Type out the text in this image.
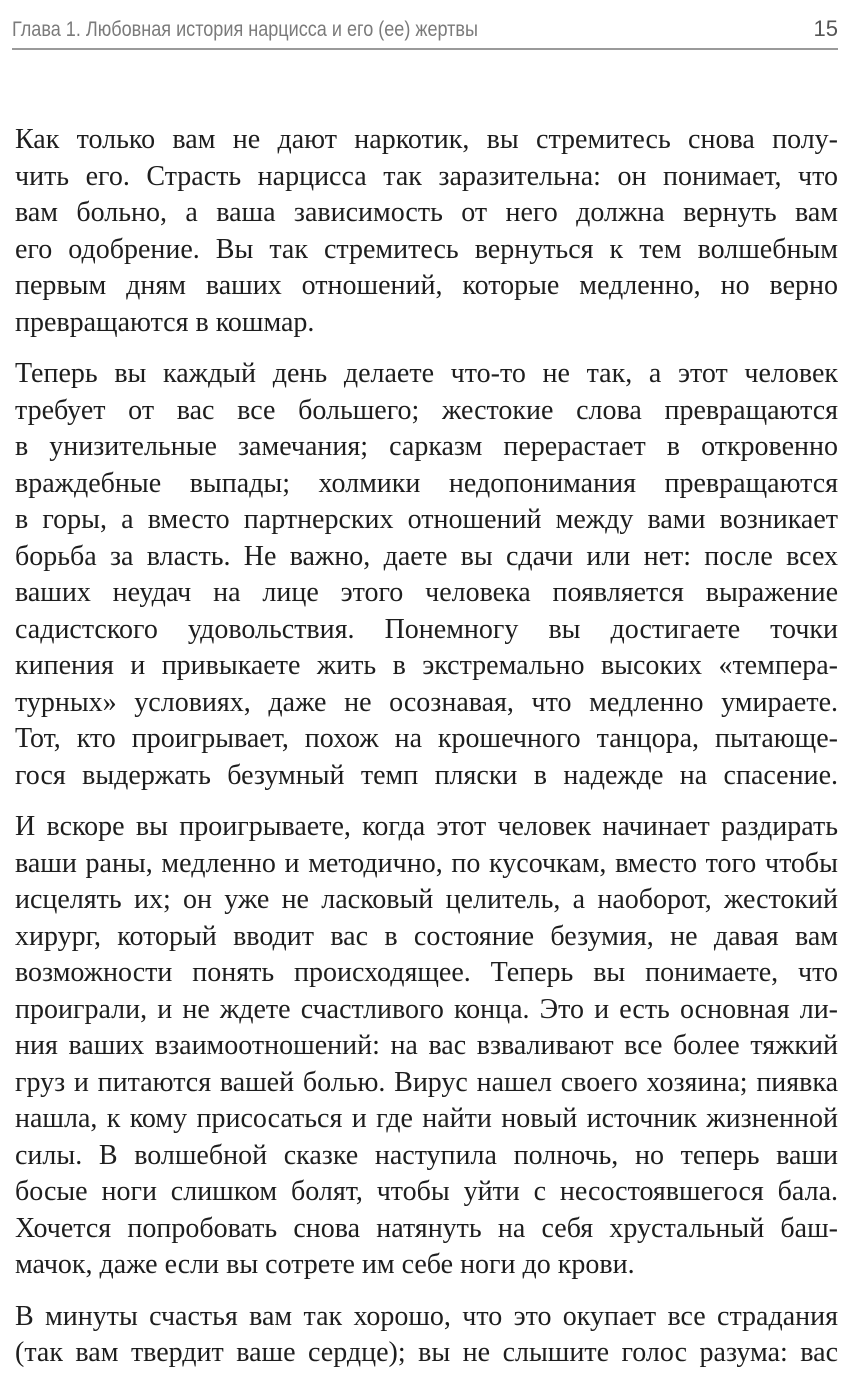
Глава 1. Любовная история нарцисса и его (ее) жертвы	15
Как только вам не дают наркотик, вы стремитесь снова полу-
чить его. Страсть нарцисса так заразительна: он понимает, что
вам больно, а ваша зависимость от него должна вернуть вам
его одобрение. Вы так стремитесь вернуться к тем волшебным
первым дням ваших отношений, которые медленно, но верно
превращаются в кошмар.
Теперь вы каждый день делаете что-то не так, а этот человек
требует от вас все большего; жестокие слова превращаются
в унизительные замечания; сарказм перерастает в откровенно
враждебные выпады; холмики недопонимания превращаются
в горы, а вместо партнерских отношений между вами возникает
борьба за власть. Не важно, даете вы сдачи или нет: после всех
ваших неудач на лице этого человека появляется выражение
садистского удовольствия. Понемногу вы достигаете точки
кипения и привыкаете жить в экстремально высоких «темпера-
турных» условиях, даже не осознавая, что медленно умираете.
Тот, кто проигрывает, похож на крошечного танцора, пытающе-
гося выдержать безумный темп пляски в надежде на спасение.
И вскоре вы проигрываете, когда этот человек начинает раздирать
ваши раны, медленно и методично, по кусочкам, вместо того чтобы
исцелять их; он уже не ласковый целитель, а наоборот, жестокий
хирург, который вводит вас в состояние безумия, не давая вам
возможности понять происходящее. Теперь вы понимаете, что
проиграли, и не ждете счастливого конца. Это и есть основная ли-
ния ваших взаимоотношений: на вас взваливают все более тяжкий
груз и питаются вашей болью. Вирус нашел своего хозяина; пиявка
нашла, к кому присосаться и где найти новый источник жизненной
силы. В волшебной сказке наступила полночь, но теперь ваши
босые ноги слишком болят, чтобы уйти с несостоявшегося бала.
Хочется попробовать снова натянуть на себя хрустальный баш-
мачок, даже если вы сотрете им себе ноги до крови.
В минуты счастья вам так хорошо, что это окупает все страдания
(так вам твердит ваше сердце); вы не слышите голос разума: вас
